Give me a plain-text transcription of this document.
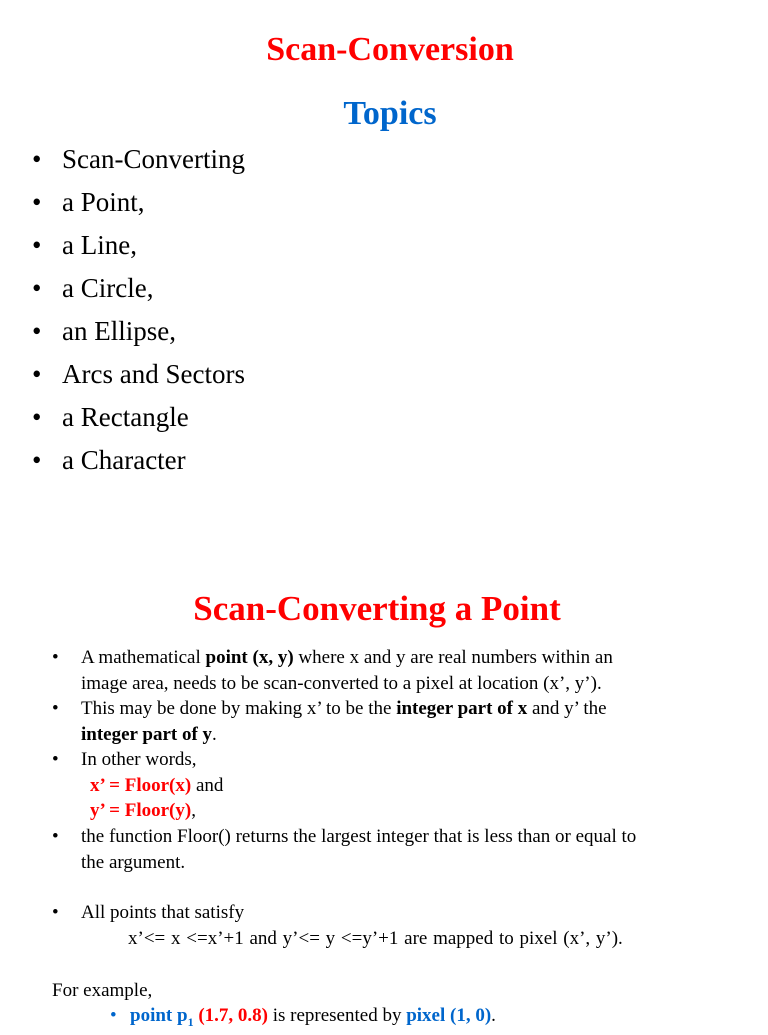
Scan-Conversion
Topics
• Scan-Converting
• a Point,
• a Line,
• a Circle,
• an Ellipse,
• Arcs and Sectors
• a Rectangle
• a Character
Scan-Converting a Point
• A mathematical point (x, y) where x and y are real numbers within an
image area, needs to be scan-converted to a pixel at location (x’, y’).
• This may be done by making x’ to be the integer part of x and y’ the
integer part of y.
• In other words,
x’ = Floor(x) and
y’ = Floor(y),
• the function Floor() returns the largest integer that is less than or equal to
the argument.
• All points that satisfy
x’<= x <=x’+1 and y’<= y <=y’+1 are mapped to pixel (x’, y’).
For example,
• point $p_1$ (1.7, 0.8) is represented by pixel (1, 0).
